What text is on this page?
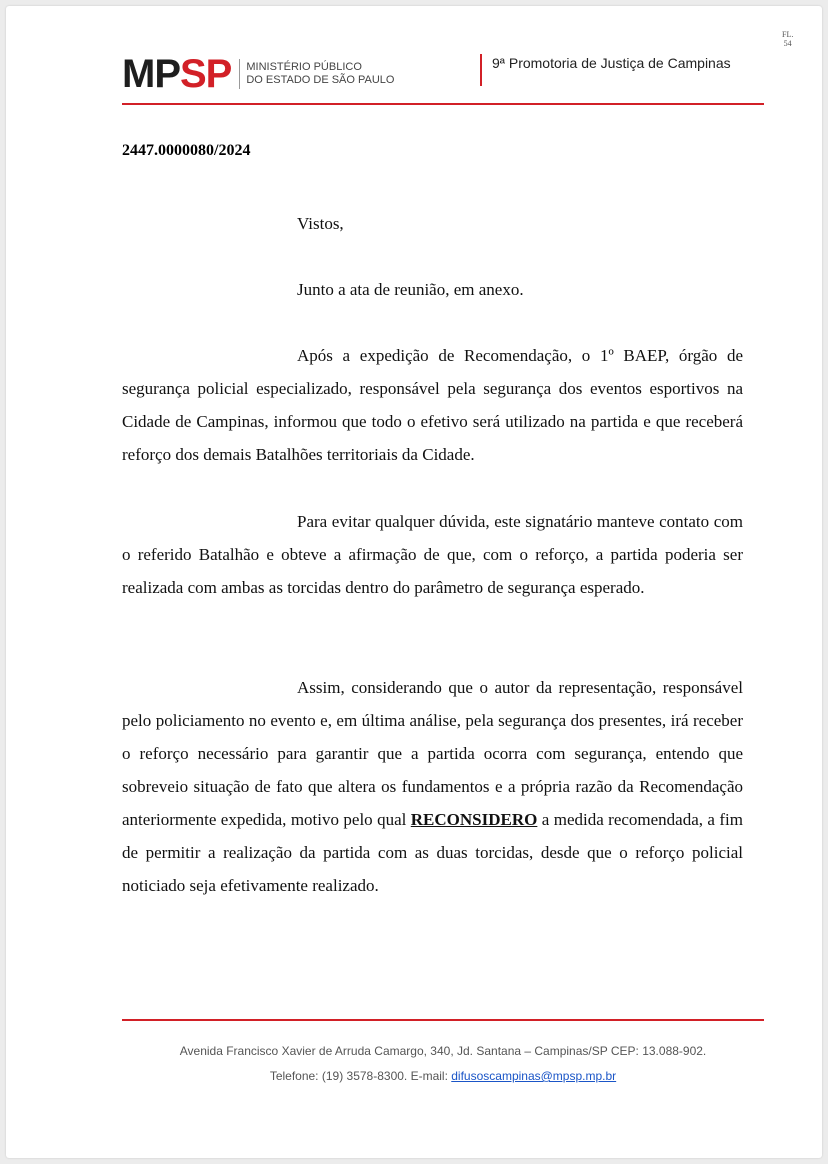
FL.
54
MP SP MINISTÉRIO PÚBLICO
DO ESTADO DE SÃO PAULO
9ª Promotoria de Justiça de Campinas
2447.0000080/2024

Vistos,

Junto a ata de reunião, em anexo.

Após a expedição de Recomendação, o 1º BAEP, órgão de segurança policial especializado, responsável pela segurança dos eventos esportivos na Cidade de Campinas, informou que todo o efetivo será utilizado na partida e que receberá reforço dos demais Batalhões territoriais da Cidade.

Para evitar qualquer dúvida, este signatário manteve contato com o referido Batalhão e obteve a afirmação de que, com o reforço, a partida poderia ser realizada com ambas as torcidas dentro do parâmetro de segurança esperado.

Assim, considerando que o autor da representação, responsável pelo policiamento no evento e, em última análise, pela segurança dos presentes, irá receber o reforço necessário para garantir que a partida ocorra com segurança, entendo que sobreveio situação de fato que altera os fundamentos e a própria razão da Recomendação anteriormente expedida, motivo pelo qual RECONSIDERO a medida recomendada, a fim de permitir a realização da partida com as duas torcidas, desde que o reforço policial noticiado seja efetivamente realizado.

Avenida Francisco Xavier de Arruda Camargo, 340, Jd. Santana – Campinas/SP CEP: 13.088-902.
Telefone: (19) 3578-8300. E-mail: difusoscampinas@mpsp.mp.br
